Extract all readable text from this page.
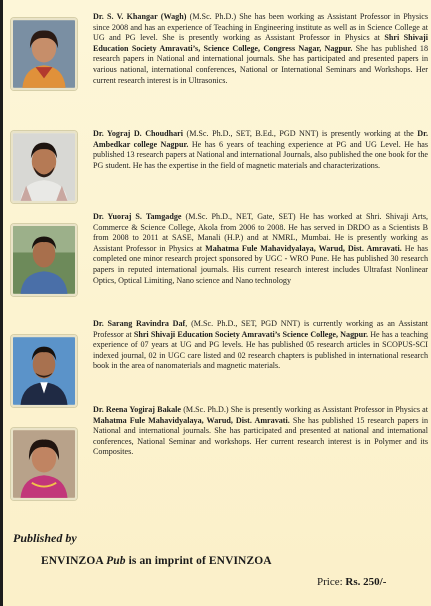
Dr. S. V. Khangar (Wagh) (M.Sc. Ph.D.) She has been working as Assistant Professor in Physics since 2008 and has an experience of Teaching in Engineering institute as well as in Science College at UG and PG level. She is presently working as Assistant Professor in Physics at Shri Shivaji Education Society Amravati’s, Science College, Congress Nagar, Nagpur. She has published 18 research papers in National and international journals. She has participated and presented papers in various national, international conferences, National or International Seminars and Workshops. Her current research interest is in Ultrasonics.
Dr. Yograj D. Choudhari (M.Sc. Ph.D., SET, B.Ed., PGD NNT) is presently working at the Dr. Ambedkar college Nagpur. He has 6 years of teaching experience at PG and UG Level. He has published 13 research papers at National and international Journals, also published the one book for the PG student. He has the expertise in the field of magnetic materials and characterizations.
Dr. Yuoraj S. Tamgadge (M.Sc. Ph.D., NET, Gate, SET) He has worked at Shri. Shivaji Arts, Commerce & Science College, Akola from 2006 to 2008. He has served in DRDO as a Scientists B from 2008 to 2011 at SASE, Manali (H.P.) and at NMRL, Mumbai. He is presently working as Assistant Professor in Physics at Mahatma Fule Mahavidyalaya, Warud, Dist. Amravati. He has completed one minor research project sponsored by UGC - WRO Pune. He has published 30 research papers in reputed international journals. His current research interest includes Ultrafast Nonlinear Optics, Optical Limiting, Nano science and Nano technology
Dr. Sarang Ravindra Daf, (M.Sc. Ph.D., SET, PGD NNT) is currently working as an Assistant Professor at Shri Shivaji Education Society Amravati’s Science College, Nagpur. He has a teaching experience of 07 years at UG and PG levels. He has published 05 research articles in SCOPUS-SCI indexed journal, 02 in UGC care listed and 02 research chapters is published in international research book in the area of nanomaterials and magnetic materials.
Dr. Reena Yogiraj Bakale (M.Sc. Ph.D.) She is presently working as Assistant Professor in Physics at Mahatma Fule Mahavidyalaya, Warud, Dist. Amravati. She has published 15 research papers in National and international journals. She has participated and presented at national and international conferences, National Seminar and workshops. Her current research interest is in Polymer and its Composites.
Published by
ENVINZOA Pub is an imprint of ENVINZOA
Price: Rs. 250/-
